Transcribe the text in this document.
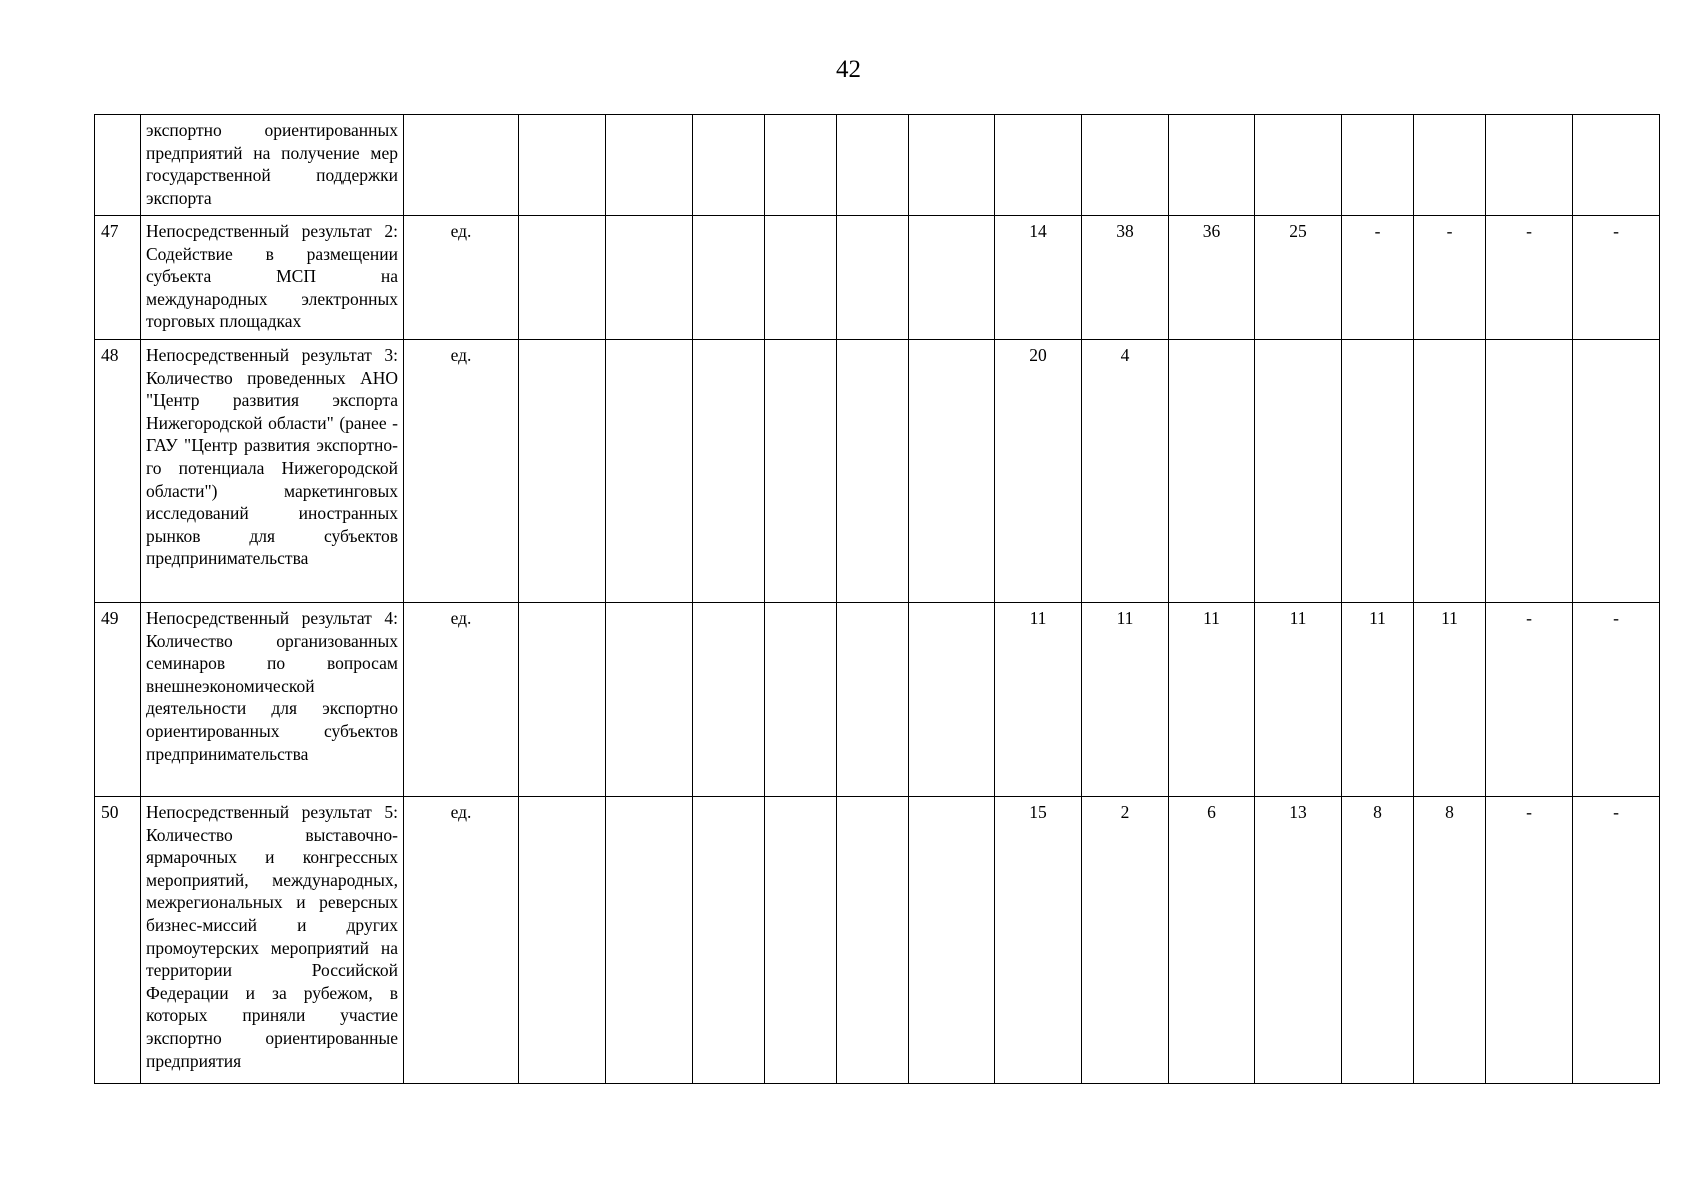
42
	экспортно ориентированных предприятий на получение мер государственной поддержки экспорта															
47	Непосредственный результат 2: Содействие в размещении субъекта МСП на международных электронных торговых площадках	ед.							14	38	36	25	-	-	-	-
48	Непосредственный результат 3: Количество проведенных АНО "Центр развития экспорта Нижегородской области" (ранее - ГАУ "Центр развития экспортного потенциала Нижегородской области") маркетинговых исследований иностранных рынков для субъектов предпринимательства	ед.							20	4						
49	Непосредственный результат 4: Количество организованных семинаров по вопросам внешнеэкономической деятельности для экспортно ориентированных субъектов предпринимательства	ед.							11	11	11	11	11	11	-	-
50	Непосредственный результат 5: Количество выставочно-ярмарочных и конгрессных мероприятий, международных, межрегиональных и реверсных бизнес-миссий и других промоутерских мероприятий на территории Российской Федерации и за рубежом, в которых приняли участие экспортно ориентированные предприятия	ед.							15	2	6	13	8	8	-	-
